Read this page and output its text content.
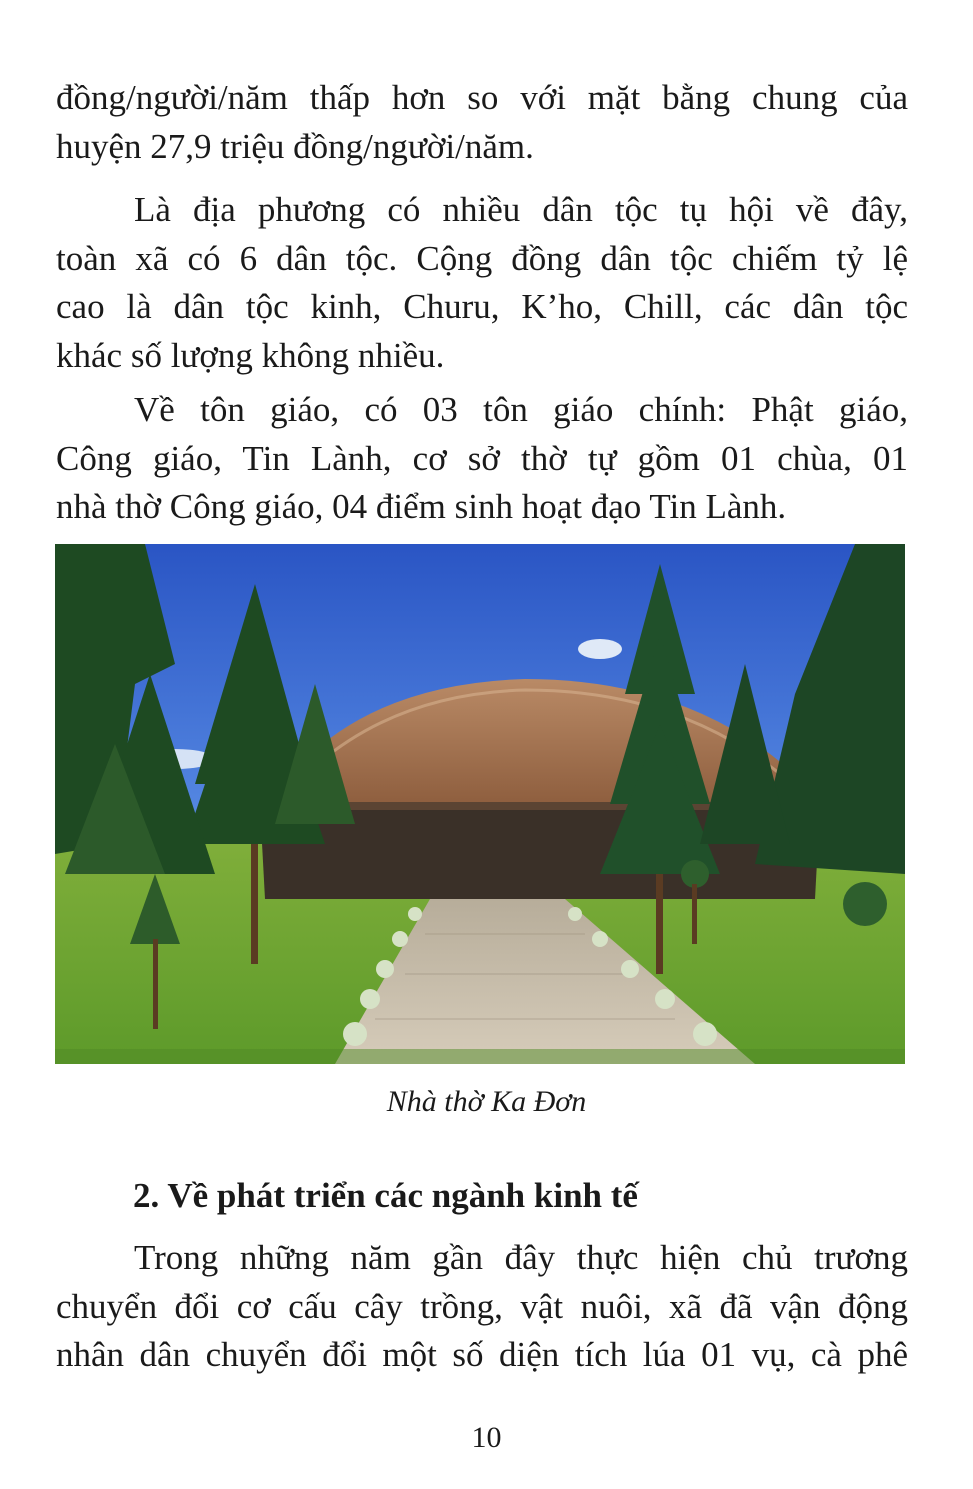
đồng/người/năm thấp hơn so với mặt bằng chung của
huyện 27,9 triệu đồng/người/năm.

Là địa phương có nhiều dân tộc tụ hội về đây,
toàn xã có 6 dân tộc. Cộng đồng dân tộc chiếm tỷ lệ
cao là dân tộc kinh, Churu, K’ho, Chill, các dân tộc
khác số lượng không nhiều.

Về tôn giáo, có 03 tôn giáo chính: Phật giáo,
Công giáo, Tin Lành, cơ sở thờ tự gồm 01 chùa, 01
nhà thờ Công giáo, 04 điểm sinh hoạt đạo Tin Lành.

Nhà thờ Ka Đơn
2. Về phát triển các ngành kinh tế

Trong những năm gần đây thực hiện chủ trương
chuyển đổi cơ cấu cây trồng, vật nuôi, xã đã vận động
nhân dân chuyển đổi một số diện tích lúa 01 vụ, cà phê

10
